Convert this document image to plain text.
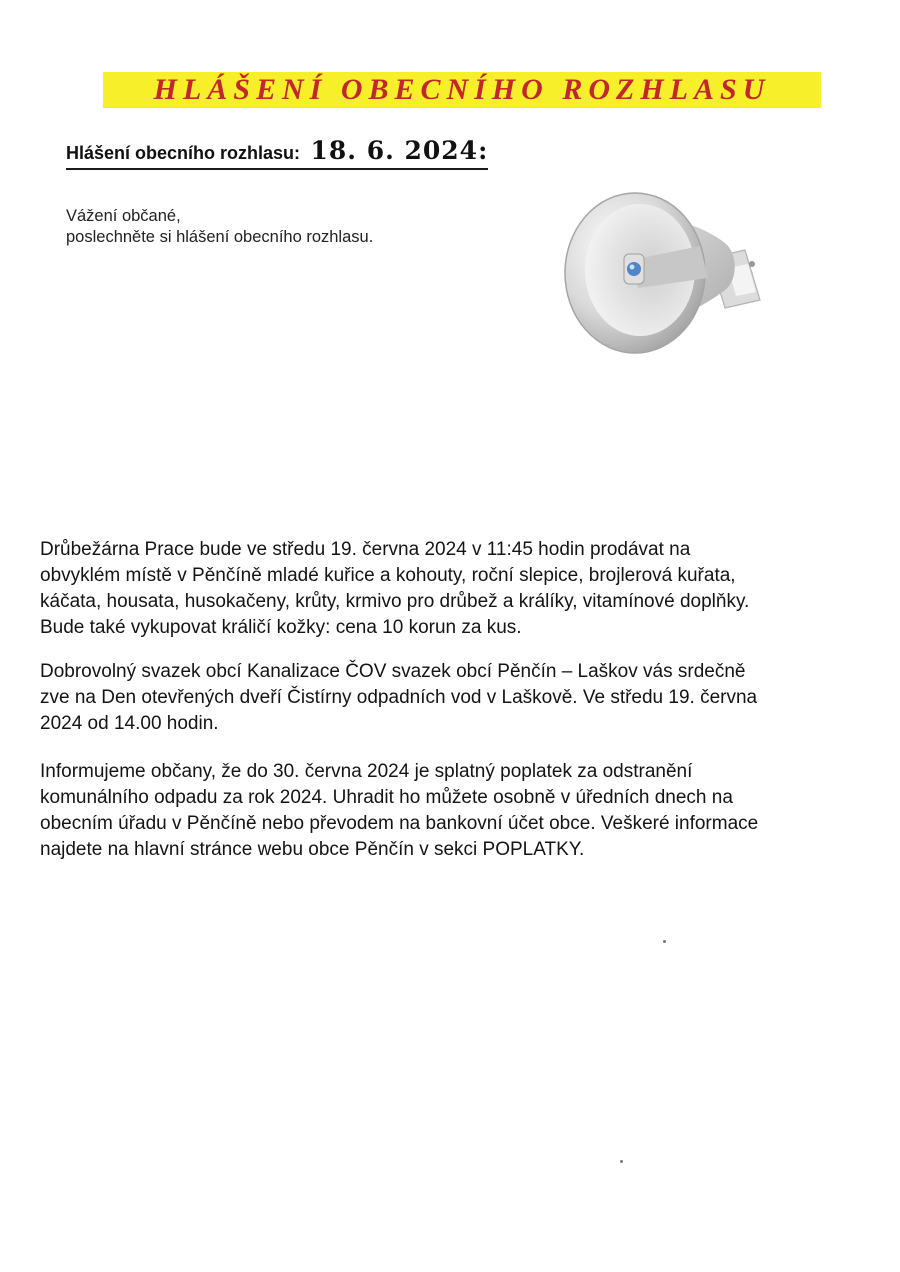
HLÁŠENÍ OBECNÍHO ROZHLASU
Hlášení obecního rozhlasu: 18. 6. 2024:
Vážení občané,
poslechněte si hlášení obecního rozhlasu.
Drůbežárna Prace bude ve středu 19. června 2024 v 11:45 hodin prodávat na
obvyklém místě v Pěnčíně mladé kuřice a kohouty, roční slepice, brojlerová kuřata,
káčata, housata, husokačeny, krůty, krmivo pro drůbež a králíky, vitamínové doplňky.
Bude také vykupovat králičí kožky: cena 10 korun za kus.
Dobrovolný svazek obcí Kanalizace ČOV svazek obcí Pěnčín – Laškov vás srdečně
zve na Den otevřených dveří Čistírny odpadních vod v Laškově. Ve středu 19. června
2024 od 14.00 hodin.
Informujeme občany, že do 30. června 2024 je splatný poplatek za odstranění
komunálního odpadu za rok 2024. Uhradit ho můžete osobně v úředních dnech na
obecním úřadu v Pěnčíně nebo převodem na bankovní účet obce. Veškeré informace
najdete na hlavní stránce webu obce Pěnčín v sekci POPLATKY.
